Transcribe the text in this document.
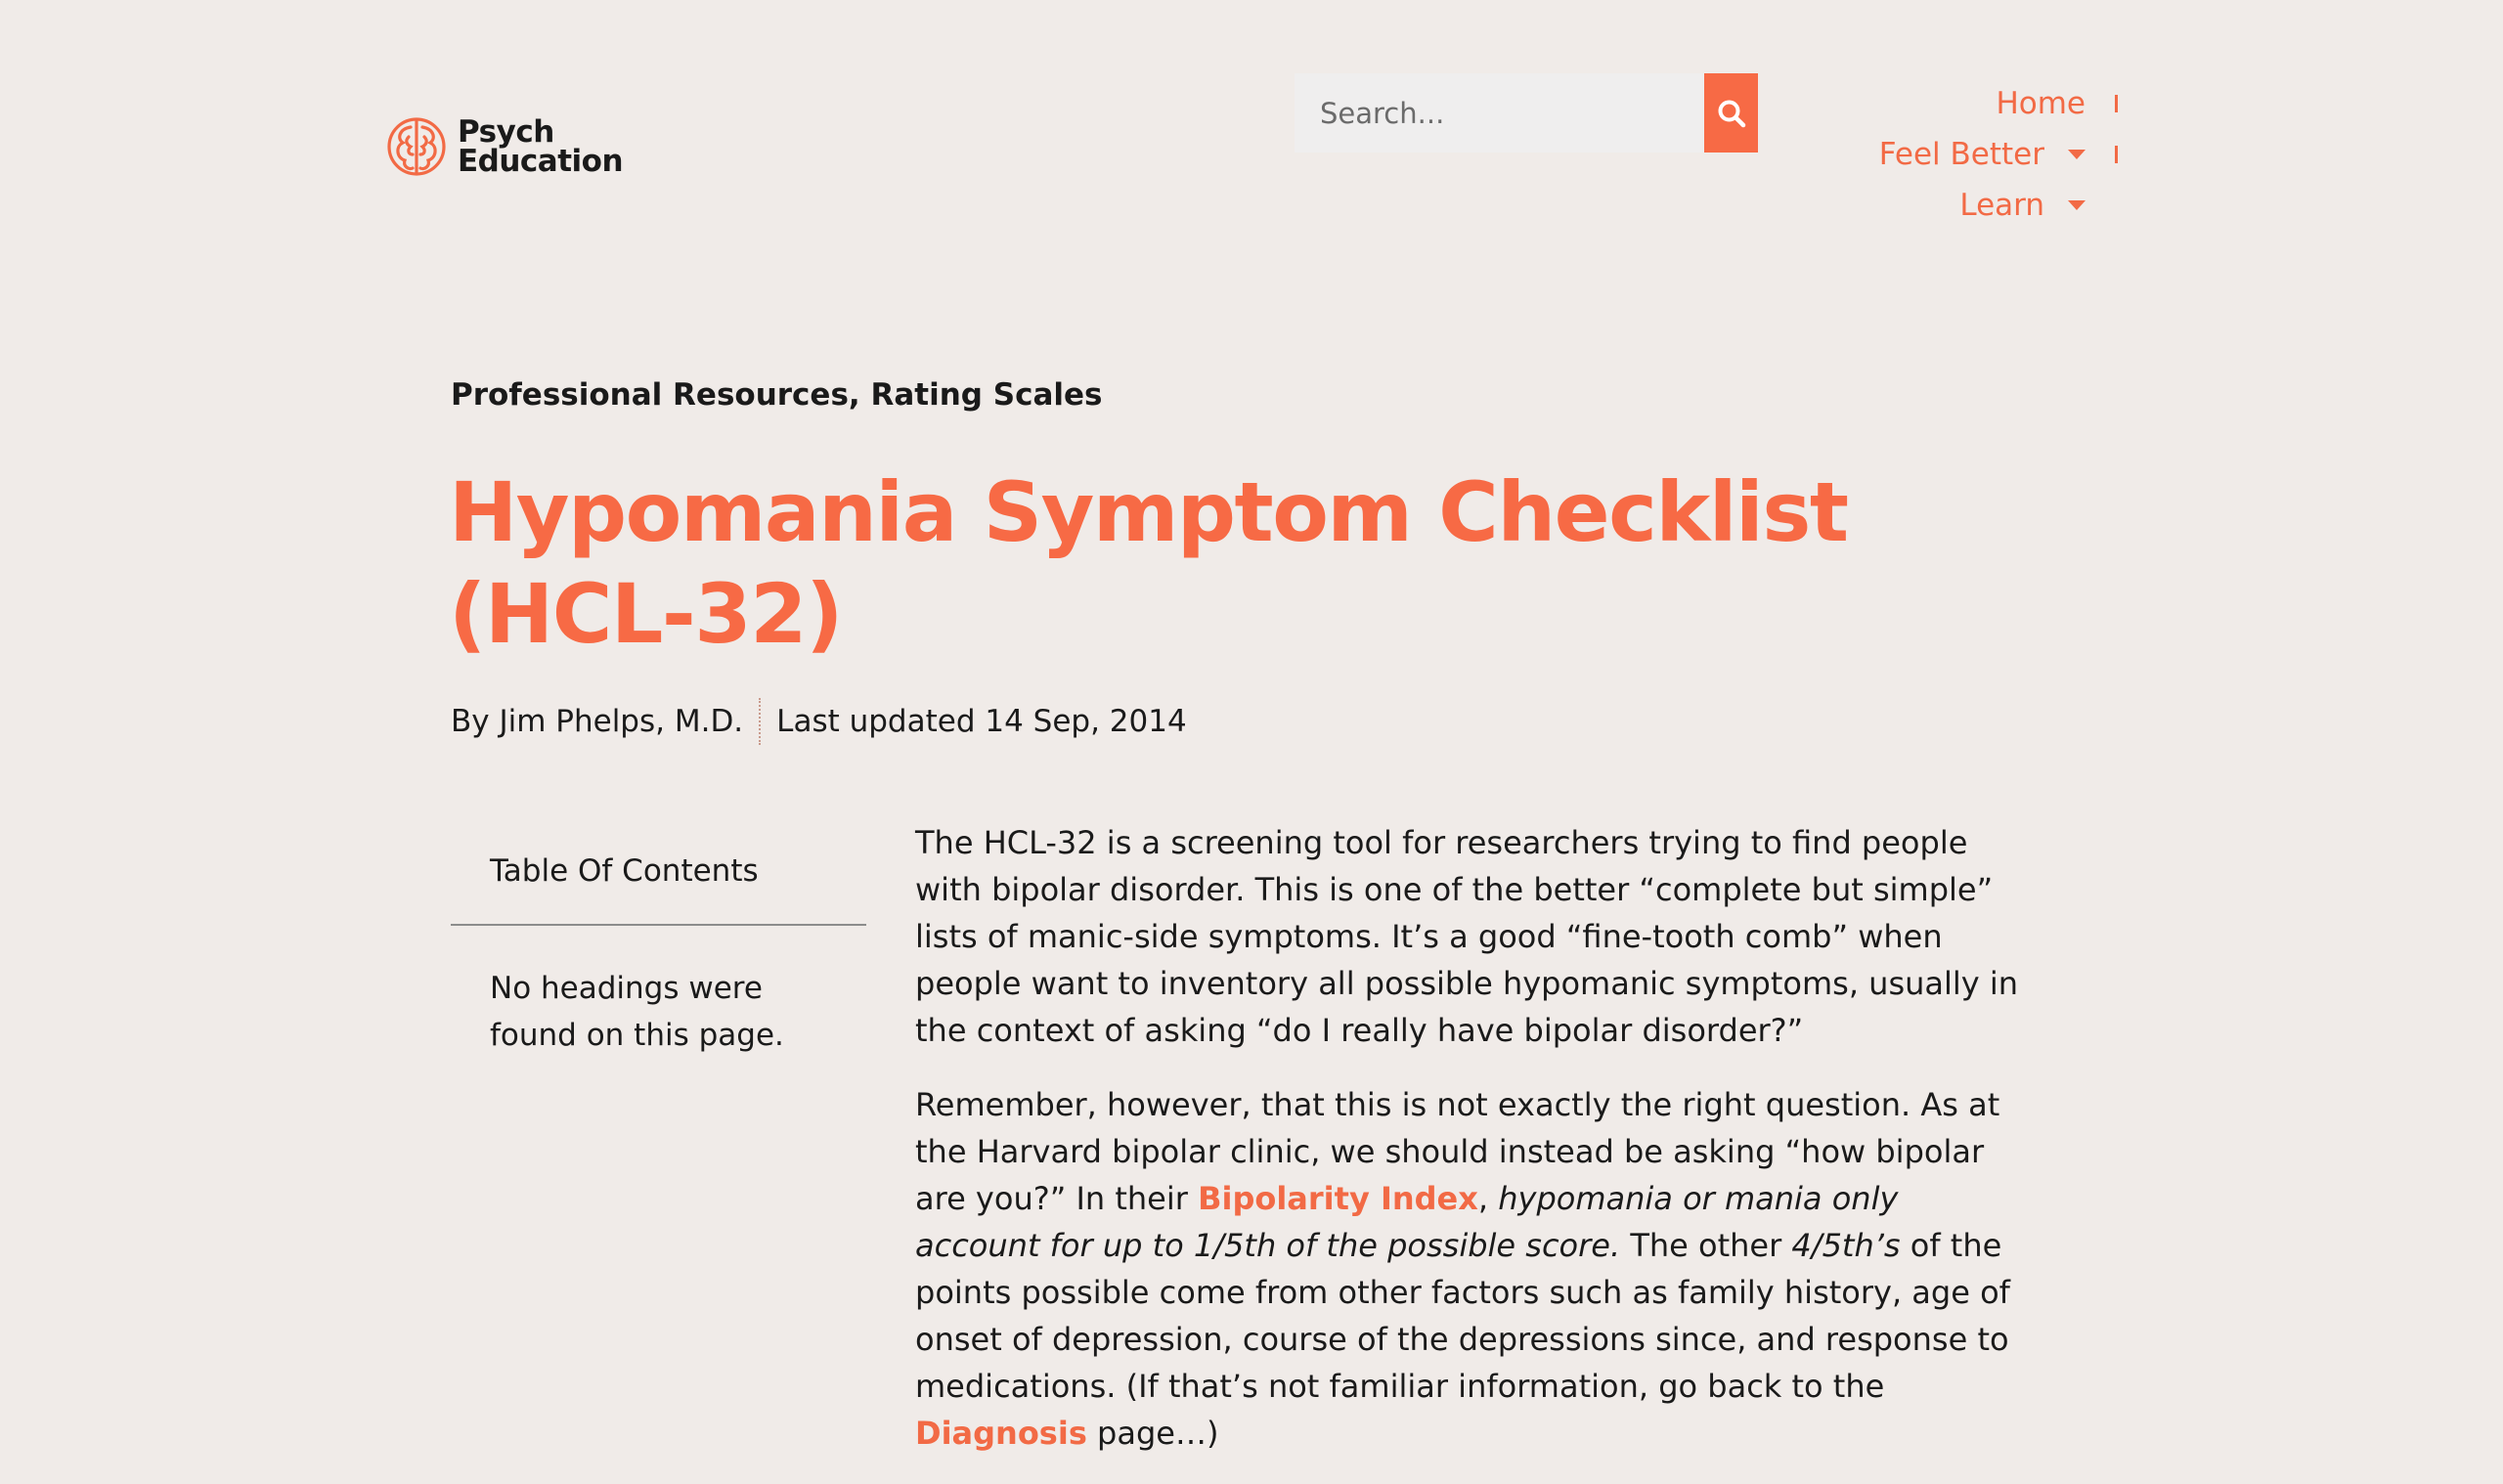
Psych
Education
Search...
Home
Feel Better
Learn
Professional Resources, Rating Scales
Hypomania Symptom Checklist (HCL-32)
By Jim Phelps, M.D. Last updated 14 Sep, 2014
Table Of Contents
No headings were found on this page.

The HCL-32 is a screening tool for researchers trying to find people with bipolar disorder. This is one of the better “complete but simple” lists of manic-side symptoms. It’s a good “fine-tooth comb” when people want to inventory all possible hypomanic symptoms, usually in the context of asking “do I really have bipolar disorder?”

Remember, however, that this is not exactly the right question. As at the Harvard bipolar clinic, we should instead be asking “how bipolar are you?” In their Bipolarity Index, hypomania or mania only account for up to 1/5th of the possible score. The other 4/5th’s of the points possible come from other factors such as family history, age of onset of depression, course of the depressions since, and response to medications. (If that’s not familiar information, go back to the Diagnosis page…)
